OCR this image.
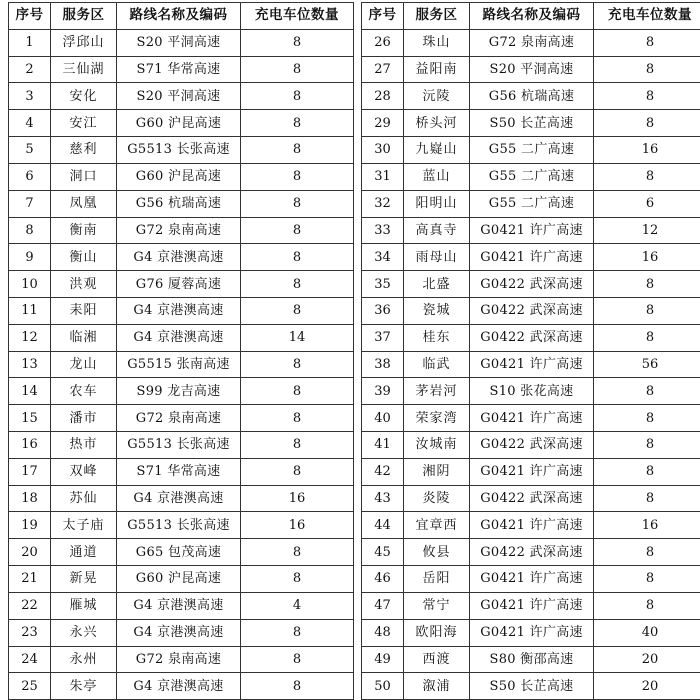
序号	服务区	路线名称及编码	充电车位数量
1	浮邱山	S20 平洞高速	8
2	三仙湖	S71 华常高速	8
3	安化	S20 平洞高速	8
4	安江	G60 沪昆高速	8
5	慈利	G5513 长张高速	8
6	洞口	G60 沪昆高速	8
7	凤凰	G56 杭瑞高速	8
8	衡南	G72 泉南高速	8
9	衡山	G4 京港澳高速	8
10	洪观	G76 厦蓉高速	8
11	耒阳	G4 京港澳高速	8
12	临湘	G4 京港澳高速	14
13	龙山	G5515 张南高速	8
14	农车	S99 龙吉高速	8
15	潘市	G72 泉南高速	8
16	热市	G5513 长张高速	8
17	双峰	S71 华常高速	8
18	苏仙	G4 京港澳高速	16
19	太子庙	G5513 长张高速	16
20	通道	G65 包茂高速	8
21	新晃	G60 沪昆高速	8
22	雁城	G4 京港澳高速	4
23	永兴	G4 京港澳高速	8
24	永州	G72 泉南高速	8
25	朱亭	G4 京港澳高速	8
序号	服务区	路线名称及编码	充电车位数量
26	珠山	G72 泉南高速	8
27	益阳南	S20 平洞高速	8
28	沅陵	G56 杭瑞高速	8
29	桥头河	S50 长芷高速	8
30	九嶷山	G55 二广高速	16
31	蓝山	G55 二广高速	8
32	阳明山	G55 二广高速	6
33	高真寺	G0421 许广高速	12
34	雨母山	G0421 许广高速	16
35	北盛	G0422 武深高速	8
36	瓷城	G0422 武深高速	8
37	桂东	G0422 武深高速	8
38	临武	G0421 许广高速	56
39	茅岩河	S10 张花高速	8
40	荣家湾	G0421 许广高速	8
41	汝城南	G0422 武深高速	8
42	湘阴	G0421 许广高速	8
43	炎陵	G0422 武深高速	8
44	宜章西	G0421 许广高速	16
45	攸县	G0422 武深高速	8
46	岳阳	G0421 许广高速	8
47	常宁	G0421 许广高速	8
48	欧阳海	G0421 许广高速	40
49	西渡	S80 衡邵高速	20
50	溆浦	S50 长芷高速	20
